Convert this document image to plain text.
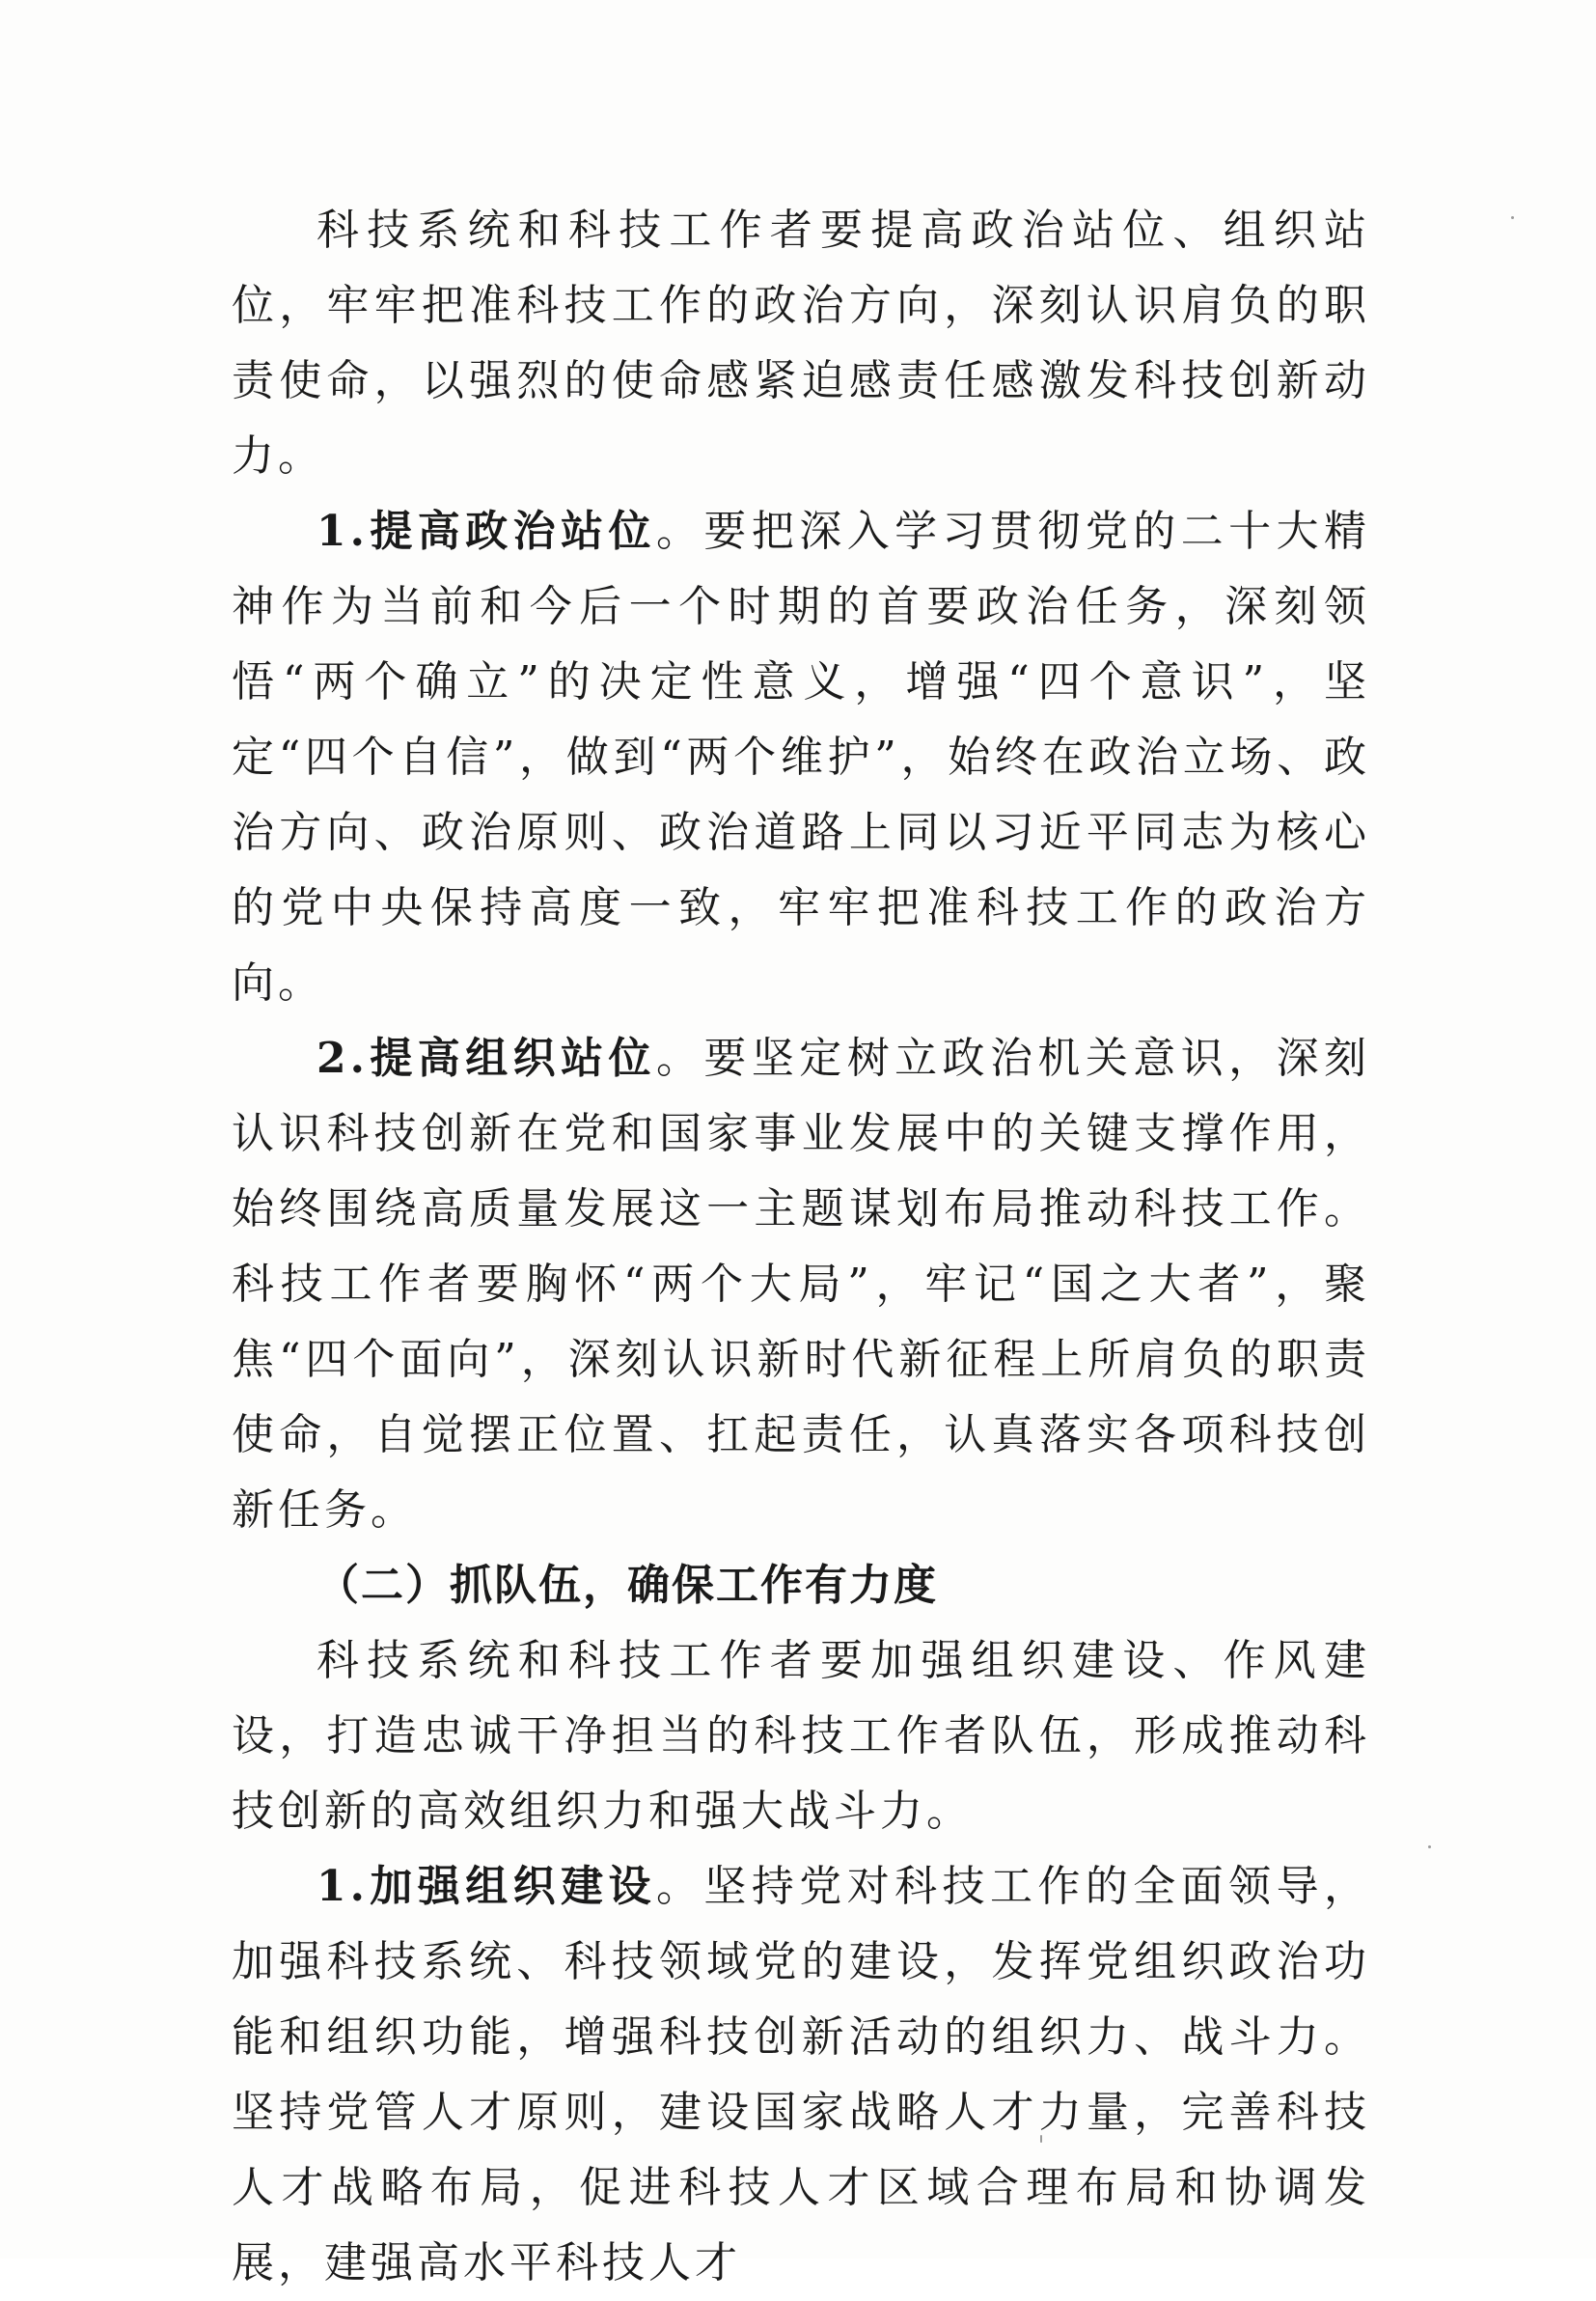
科技系统和科技工作者要提高政治站位、组织站位，牢牢把准科技工作的政治方向，深刻认识肩负的职责使命，以强烈的使命感紧迫感责任感激发科技创新动力。

1.提高政治站位。要把深入学习贯彻党的二十大精神作为当前和今后一个时期的首要政治任务，深刻领悟“两个确立”的决定性意义，增强“四个意识”，坚定“四个自信”，做到“两个维护”，始终在政治立场、政治方向、政治原则、政治道路上同以习近平同志为核心的党中央保持高度一致，牢牢把准科技工作的政治方向。

2.提高组织站位。要坚定树立政治机关意识，深刻认识科技创新在党和国家事业发展中的关键支撑作用，始终围绕高质量发展这一主题谋划布局推动科技工作。科技工作者要胸怀“两个大局”，牢记“国之大者”，聚焦“四个面向”，深刻认识新时代新征程上所肩负的职责使命，自觉摆正位置、扛起责任，认真落实各项科技创新任务。

（二）抓队伍，确保工作有力度

科技系统和科技工作者要加强组织建设、作风建设，打造忠诚干净担当的科技工作者队伍，形成推动科技创新的高效组织力和强大战斗力。

1.加强组织建设。坚持党对科技工作的全面领导，加强科技系统、科技领域党的建设，发挥党组织政治功能和组织功能，增强科技创新活动的组织力、战斗力。坚持党管人才原则，建设国家战略人才力量，完善科技人才战略布局，促进科技人才区域合理布局和协调发展，建强高水平科技人才
